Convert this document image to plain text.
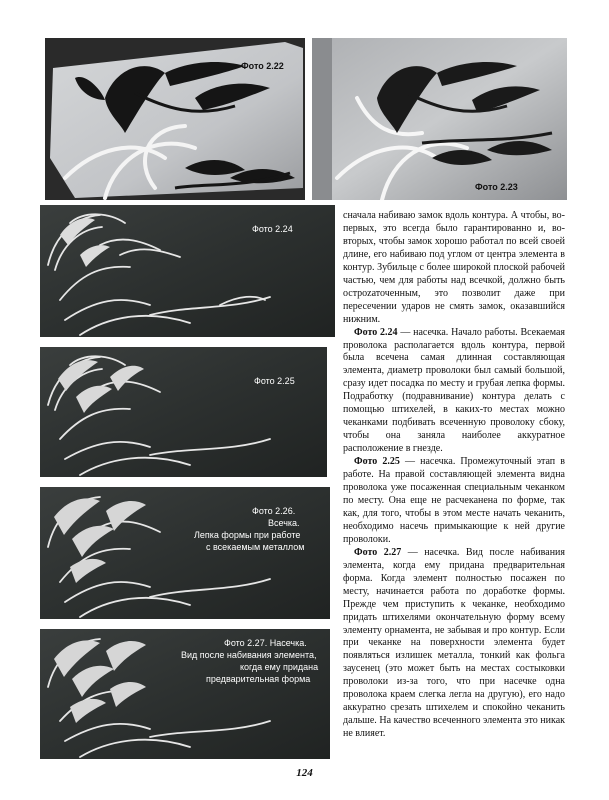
Фото 2.22
Фото 2.23
Фото 2.24
Фото 2.25
Фото 2.26.
Всечка.
Лепка формы при работе
с всекаемым металлом
Фото 2.27. Насечка.
Вид после набивания элемента,
когда ему придана
предварительная форма

сначала набиваю замок вдоль контура. А чтобы, во-первых, это всегда было гарантированно и, во-вторых, чтобы замок хорошо работал по всей своей длине, его набиваю под углом от центра элемента в контур. Зубильце с более широкой плоской рабочей частью, чем для работы над всечкой, должно быть остроzаточенным, это позволит даже при пересечении ударов не смять замок, оказавшийся нижним.

Фото 2.24 — насечка. Начало работы. Всекаемая проволока располагается вдоль контура, первой была всечена самая длинная составляющая элемента, диаметр проволоки был самый большой, сразу идет посадка по месту и грубая лепка формы. Подработку (подравнивание) контура делать с помощью штихелей, в каких-то местах можно чеканками подбивать всеченную проволоку сбоку, чтобы она заняла наиболее аккуратное расположение в гнезде.

Фото 2.25 — насечка. Промежуточный этап в работе. На правой составляющей элемента видна проволока уже посаженная специальным чеканком по месту. Она еще не расчеканена по форме, так как, для того, чтобы в этом месте начать чеканить, необходимо насечь примыкающие к ней другие проволоки.

Фото 2.27 — насечка. Вид после набивания элемента, когда ему придана предварительная форма. Когда элемент полностью посажен по месту, начинается работа по доработке формы. Прежде чем приступить к чеканке, необходимо придать штихелями окончательную форму всему элементу орнамента, не забывая и про контур. Если при чеканке на поверхности элемента будет появляться излишек металла, тонкий как фольга заусенец (это может быть на местах состыковки проволоки из-за того, что при насечке одна проволока краем слегка легла на другую), его надо аккуратно срезать штихелем и спокойно чеканить дальше. На качество всеченного элемента это никак не влияет.

124
